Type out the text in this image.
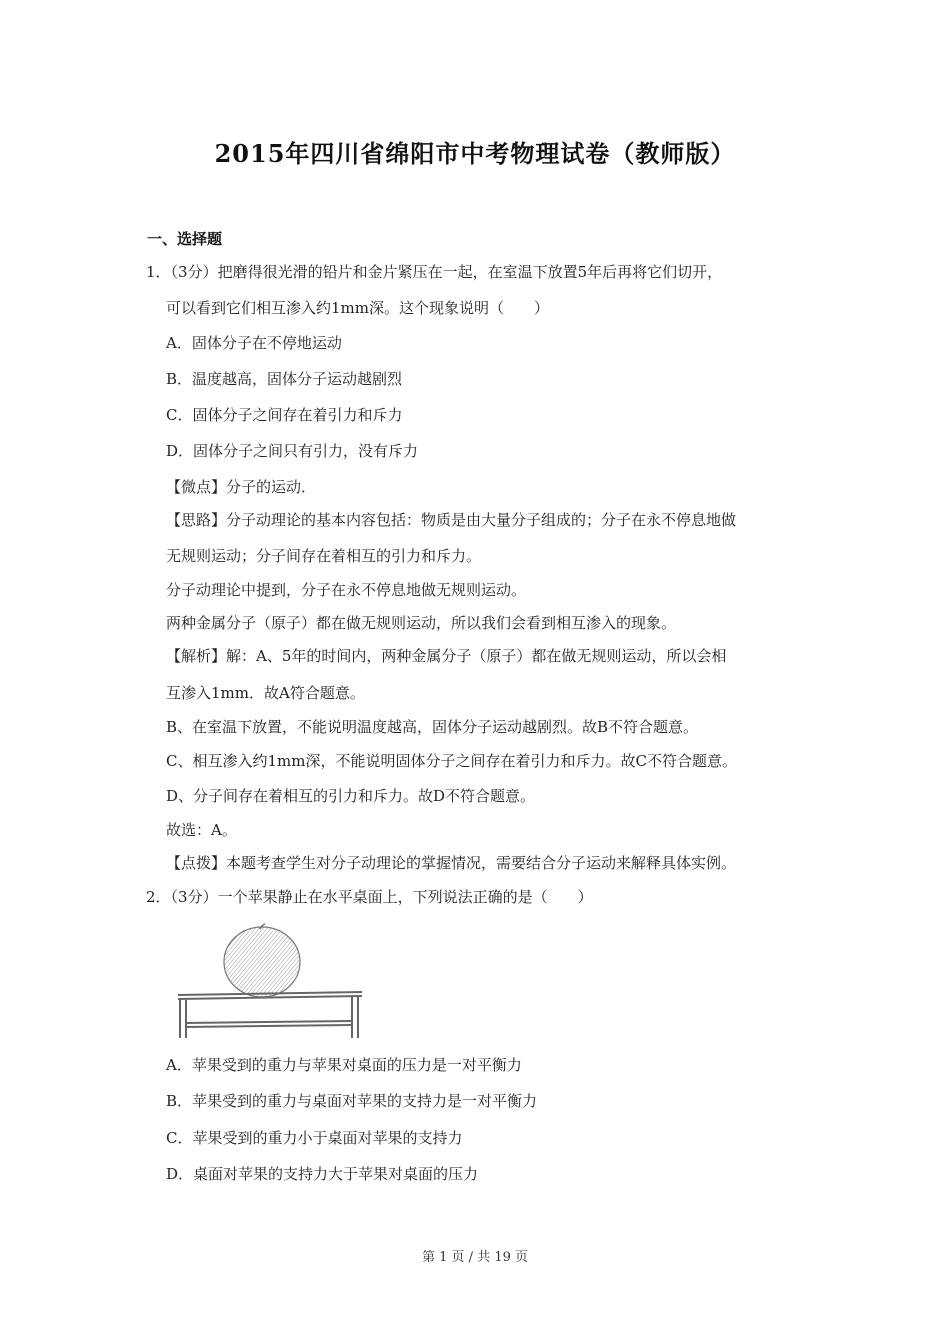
2015年四川省绵阳市中考物理试卷（教师版）
一、选择题
1．（3分）把磨得很光滑的铅片和金片紧压在一起，在室温下放置5年后再将它们切开，
可以看到它们相互渗入约1mm深。这个现象说明（　　）
A．固体分子在不停地运动
B．温度越高，固体分子运动越剧烈
C．固体分子之间存在着引力和斥力
D．固体分子之间只有引力，没有斥力
【微点】分子的运动．
【思路】分子动理论的基本内容包括：物质是由大量分子组成的；分子在永不停息地做
无规则运动；分子间存在着相互的引力和斥力。
分子动理论中提到，分子在永不停息地做无规则运动。
两种金属分子（原子）都在做无规则运动，所以我们会看到相互渗入的现象。
【解析】解：A、5年的时间内，两种金属分子（原子）都在做无规则运动，所以会相
互渗入1mm．故A符合题意。
B、在室温下放置，不能说明温度越高，固体分子运动越剧烈。故B不符合题意。
C、相互渗入约1mm深，不能说明固体分子之间存在着引力和斥力。故C不符合题意。
D、分子间存在着相互的引力和斥力。故D不符合题意。
故选：A。
【点拨】本题考查学生对分子动理论的掌握情况，需要结合分子运动来解释具体实例。
2．（3分）一个苹果静止在水平桌面上，下列说法正确的是（　　）
A．苹果受到的重力与苹果对桌面的压力是一对平衡力
B．苹果受到的重力与桌面对苹果的支持力是一对平衡力
C．苹果受到的重力小于桌面对苹果的支持力
D．桌面对苹果的支持力大于苹果对桌面的压力
第 1 页 / 共 19 页
